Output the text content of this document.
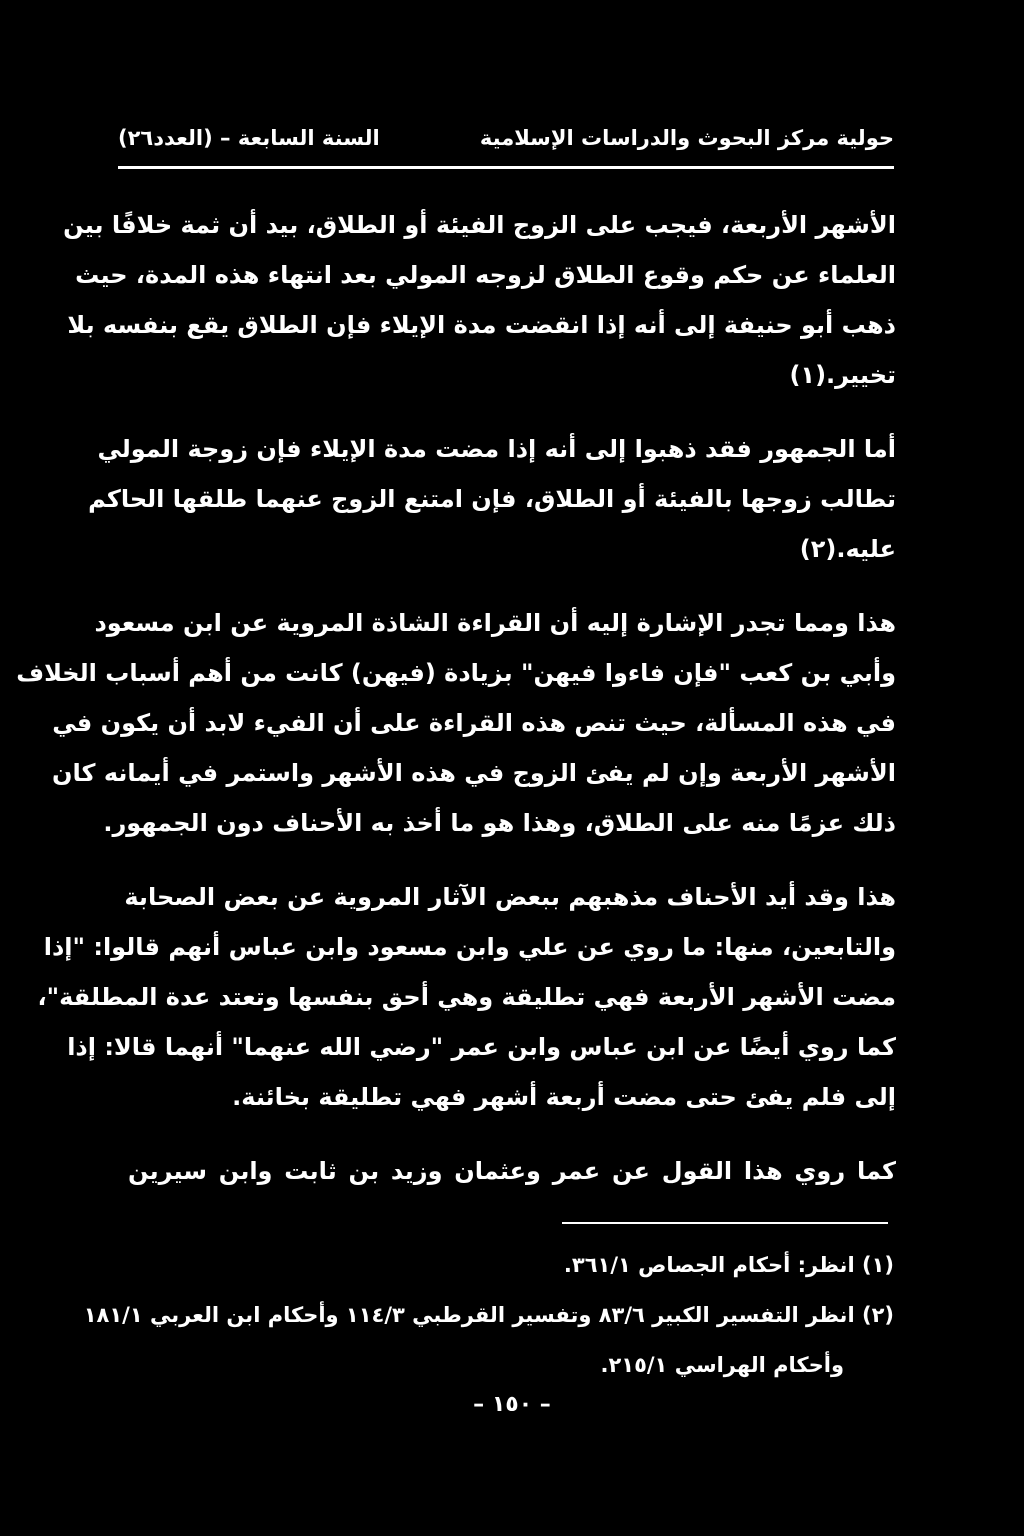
حولية مركز البحوث والدراسات الإسلامية
السنة السابعة – (العدد٢٦)
الأشهر الأربعة، فيجب على الزوج الفيئة أو الطلاق، بيد أن ثمة خلافًا بين
العلماء عن حكم وقوع الطلاق لزوجه المولي بعد انتهاء هذه المدة، حيث
ذهب أبو حنيفة إلى أنه إذا انقضت مدة الإيلاء فإن الطلاق يقع بنفسه بلا
تخيير.(١)
أما الجمهور فقد ذهبوا إلى أنه إذا مضت مدة الإيلاء فإن زوجة المولي
تطالب زوجها بالفيئة أو الطلاق، فإن امتنع الزوج عنهما طلقها الحاكم
عليه.(٢)
هذا ومما تجدر الإشارة إليه أن القراءة الشاذة المروية عن ابن مسعود
وأبي بن كعب "فإن فاءوا فيهن" بزيادة (فيهن) كانت من أهم أسباب الخلاف
في هذه المسألة، حيث تنص هذه القراءة على أن الفيء لابد أن يكون في
الأشهر الأربعة وإن لم يفئ الزوج في هذه الأشهر واستمر في أيمانه كان
ذلك عزمًا منه على الطلاق، وهذا هو ما أخذ به الأحناف دون الجمهور.
هذا وقد أيد الأحناف مذهبهم ببعض الآثار المروية عن بعض الصحابة
والتابعين، منها: ما روي عن علي وابن مسعود وابن عباس أنهم قالوا: "إذا
مضت الأشهر الأربعة فهي تطليقة وهي أحق بنفسها وتعتد عدة المطلقة"،
كما روي أيضًا عن ابن عباس وابن عمر "رضي الله عنهما" أنهما قالا: إذا
إلى فلم يفئ حتى مضت أربعة أشهر فهي تطليقة بخائنة.
كما روي هذا القول عن عمر وعثمان وزيد بن ثابت وابن سيرين
(١) انظر: أحكام الجصاص ٣٦١/١.
(٢) انظر التفسير الكبير ٨٣/٦ وتفسير القرطبي ١١٤/٣ وأحكام ابن العربي ١٨١/١
وأحكام الهراسي ٢١٥/١.
– ١٥٠ –
